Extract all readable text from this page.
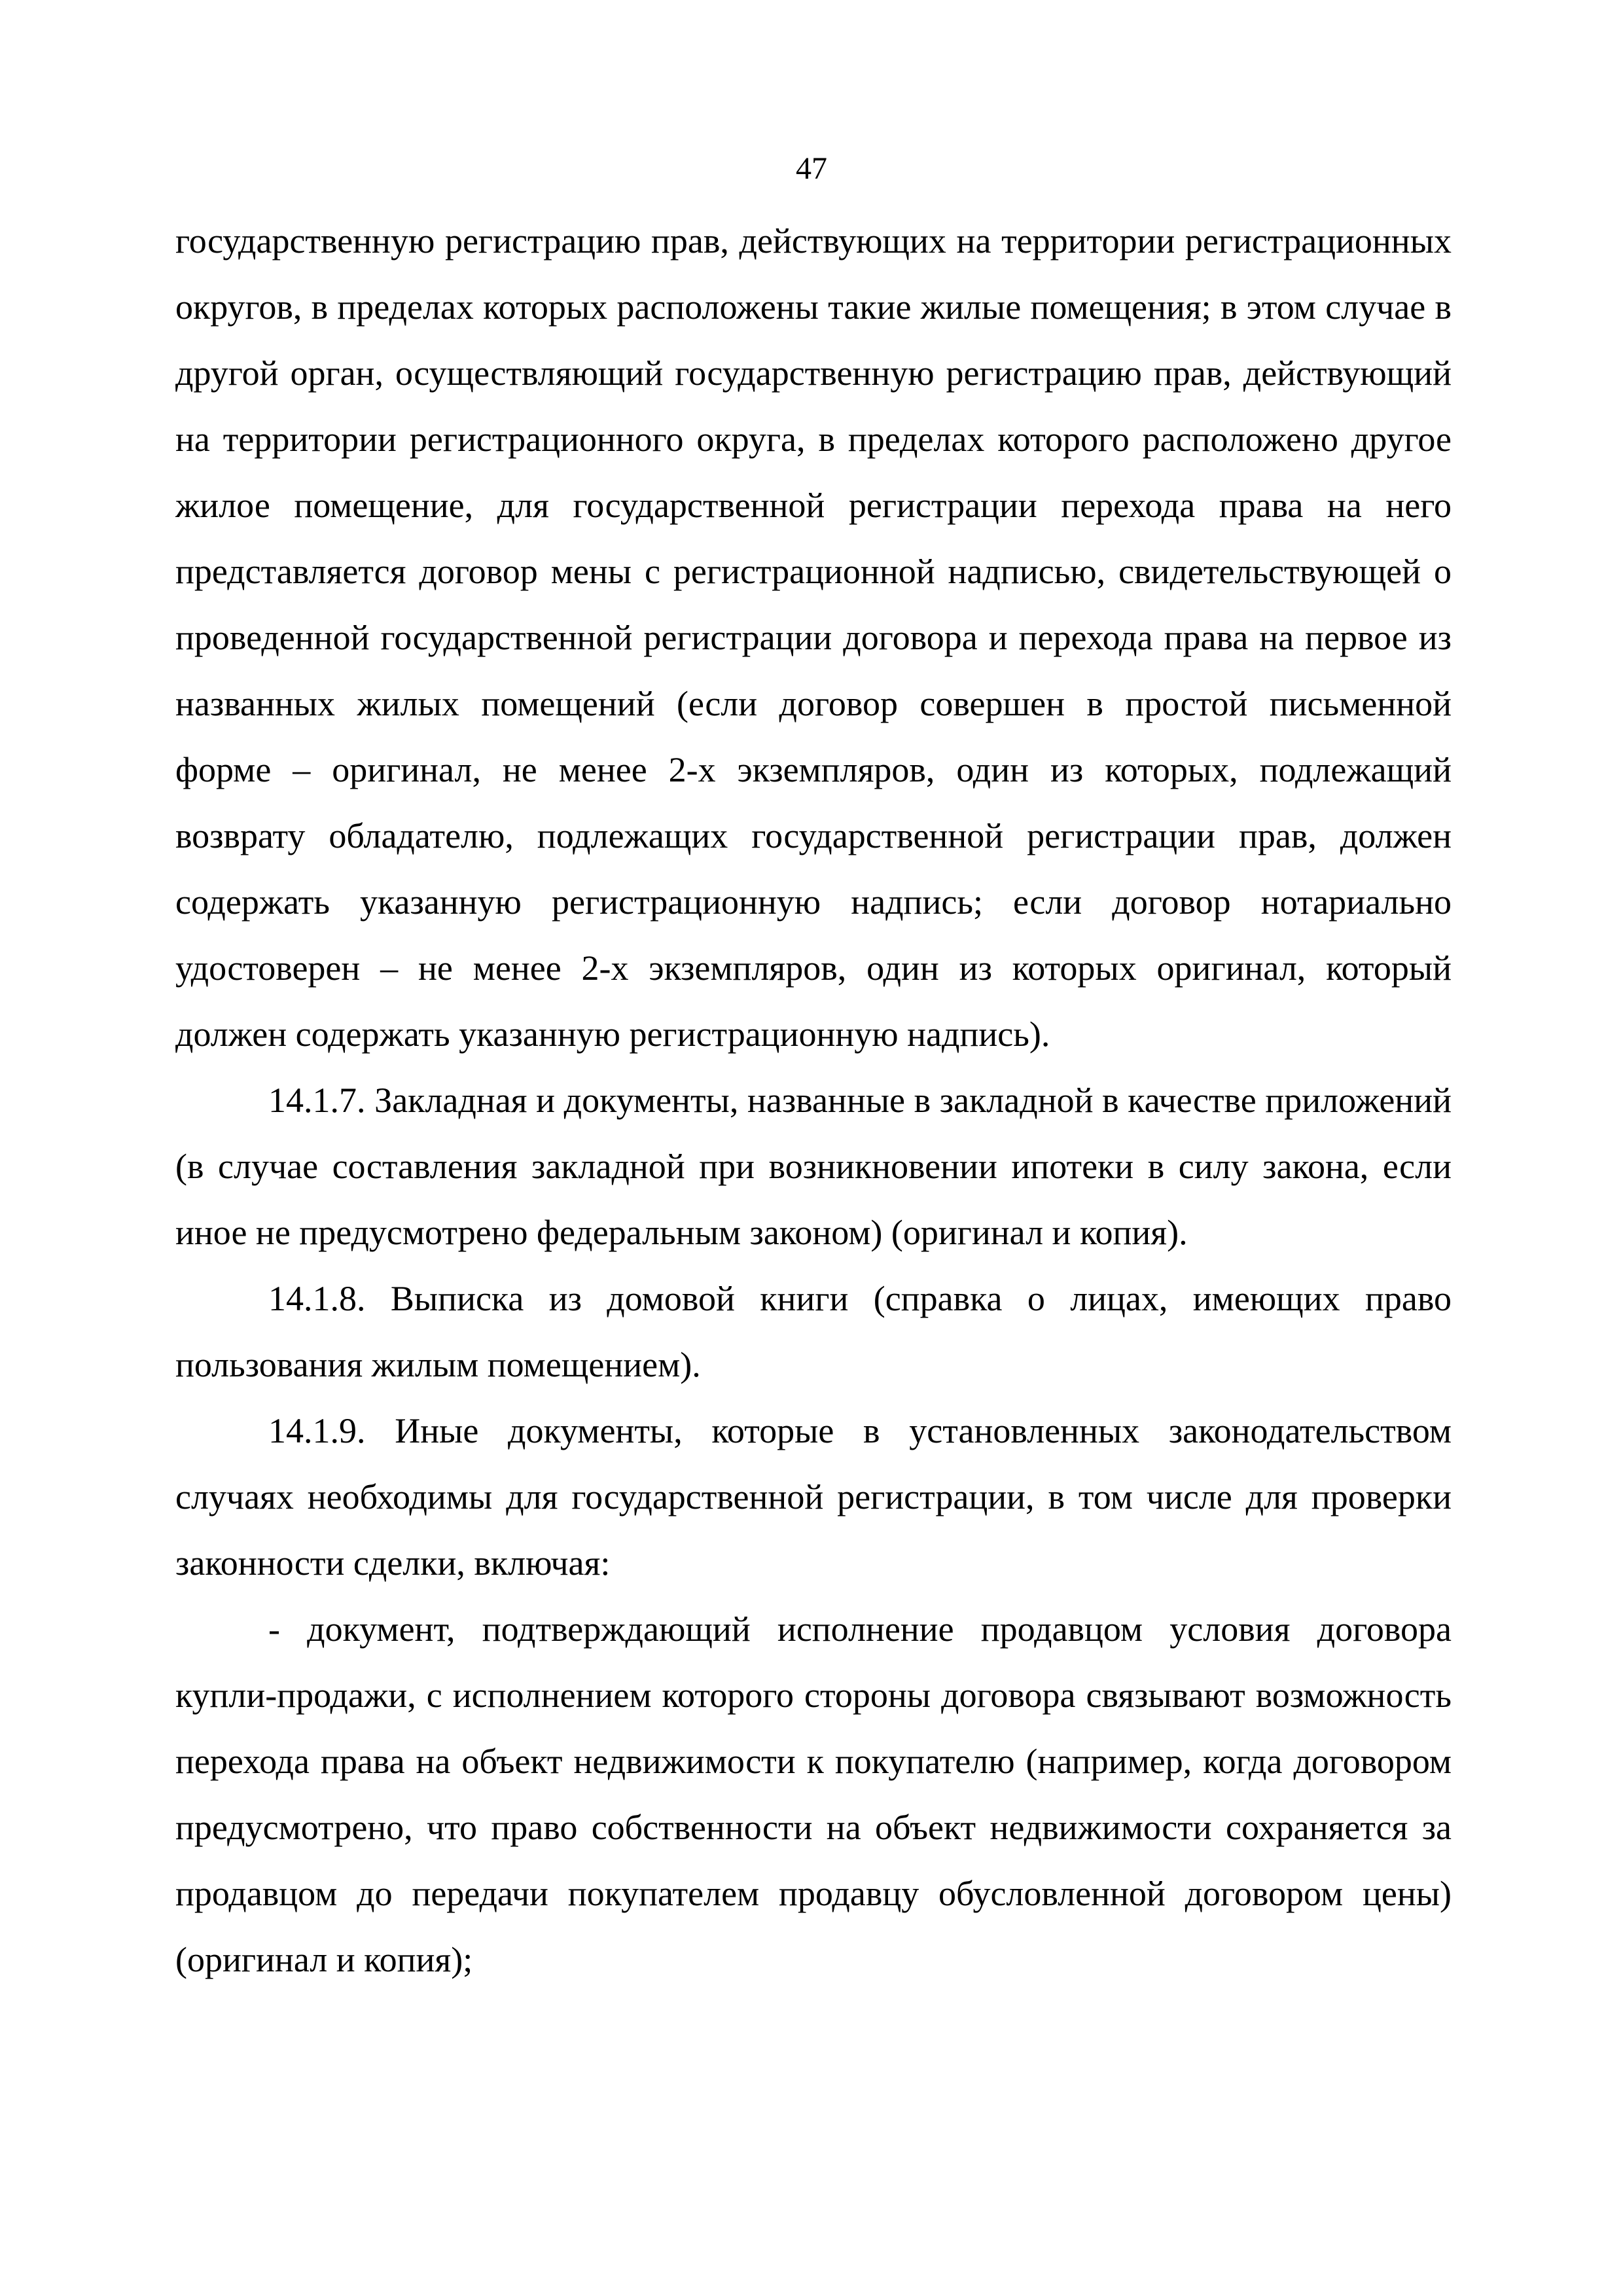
47

государственную регистрацию прав, действующих на территории регистрационных округов, в пределах которых расположены такие жилые помещения; в этом случае в другой орган, осуществляющий государственную регистрацию прав, действующий на территории регистрационного округа, в пределах которого расположено другое жилое помещение, для государственной регистрации перехода права на него представляется договор мены с регистрационной надписью, свидетельствующей о проведенной государственной регистрации договора и перехода права на первое из названных жилых помещений (если договор совершен в простой письменной форме – оригинал, не менее 2-х экземпляров, один из которых, подлежащий возврату обладателю, подлежащих государственной регистрации прав, должен содержать указанную регистрационную надпись; если договор нотариально удостоверен – не менее 2-х экземпляров, один из которых оригинал, который должен содержать указанную регистрационную надпись).

14.1.7. Закладная и документы, названные в закладной в качестве приложений (в случае составления закладной при возникновении ипотеки в силу закона, если иное не предусмотрено федеральным законом) (оригинал и копия).

14.1.8. Выписка из домовой книги (справка о лицах, имеющих право пользования жилым помещением).

14.1.9. Иные документы, которые в установленных законодательством случаях необходимы для государственной регистрации, в том числе для проверки законности сделки, включая:

- документ, подтверждающий исполнение продавцом условия договора купли-продажи, с исполнением которого стороны договора связывают возможность перехода права на объект недвижимости к покупателю (например, когда договором предусмотрено, что право собственности на объект недвижимости сохраняется за продавцом до передачи покупателем продавцу обусловленной договором цены) (оригинал и копия);
